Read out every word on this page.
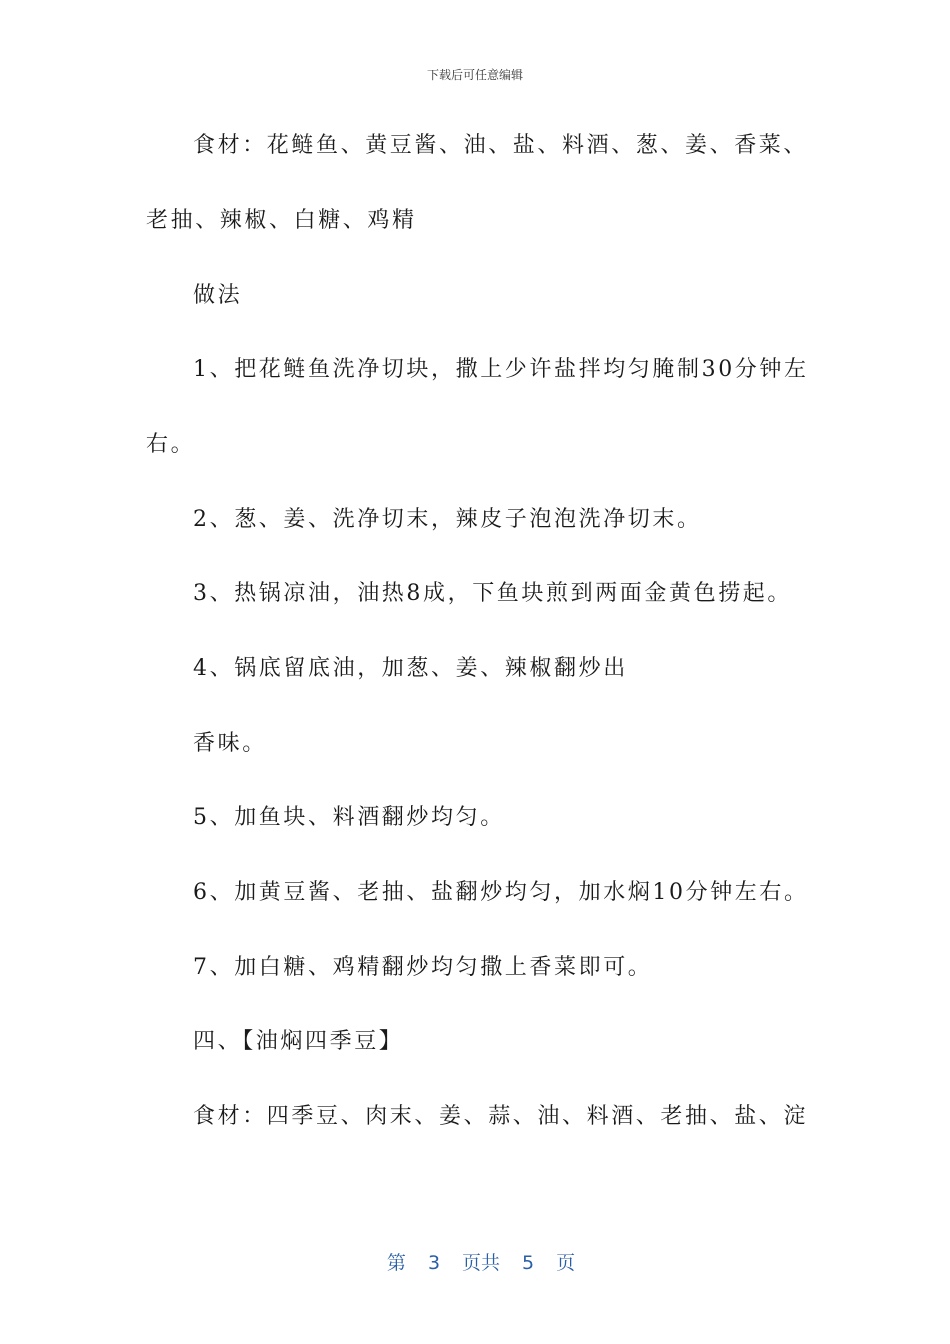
下载后可任意编辑
食材：花鲢鱼、黄豆酱、油、盐、料酒、葱、姜、香菜、
老抽、辣椒、白糖、鸡精
做法
1、把花鲢鱼洗净切块，撒上少许盐拌均匀腌制30分钟左
右。
2、葱、姜、洗净切末，辣皮子泡泡洗净切末。
3、热锅凉油，油热8成，下鱼块煎到两面金黄色捞起。
4、锅底留底油，加葱、姜、辣椒翻炒出
香味。
5、加鱼块、料酒翻炒均匀。
6、加黄豆酱、老抽、盐翻炒均匀，加水焖10分钟左右。
7、加白糖、鸡精翻炒均匀撒上香菜即可。
四、【油焖四季豆】
食材：四季豆、肉末、姜、蒜、油、料酒、老抽、盐、淀

第 3 页共 5 页
